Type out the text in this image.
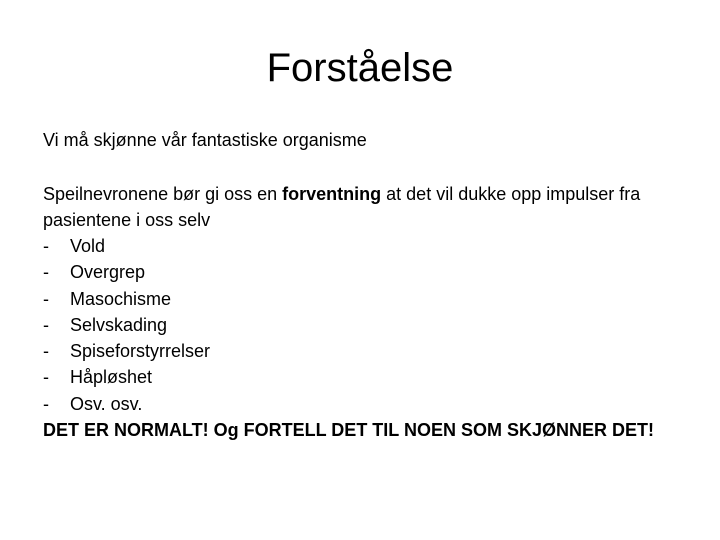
Forståelse

Vi må skjønne vår fantastiske organisme

Speilnevronene bør gi oss en forventning at det vil dukke opp impulser fra pasientene i oss selv

-	Vold
-	Overgrep
-	Masochisme
-	Selvskading
-	Spiseforstyrrelser
-	Håpløshet
-	Osv. osv.

DET ER NORMALT! Og FORTELL DET TIL NOEN SOM SKJØNNER DET!
